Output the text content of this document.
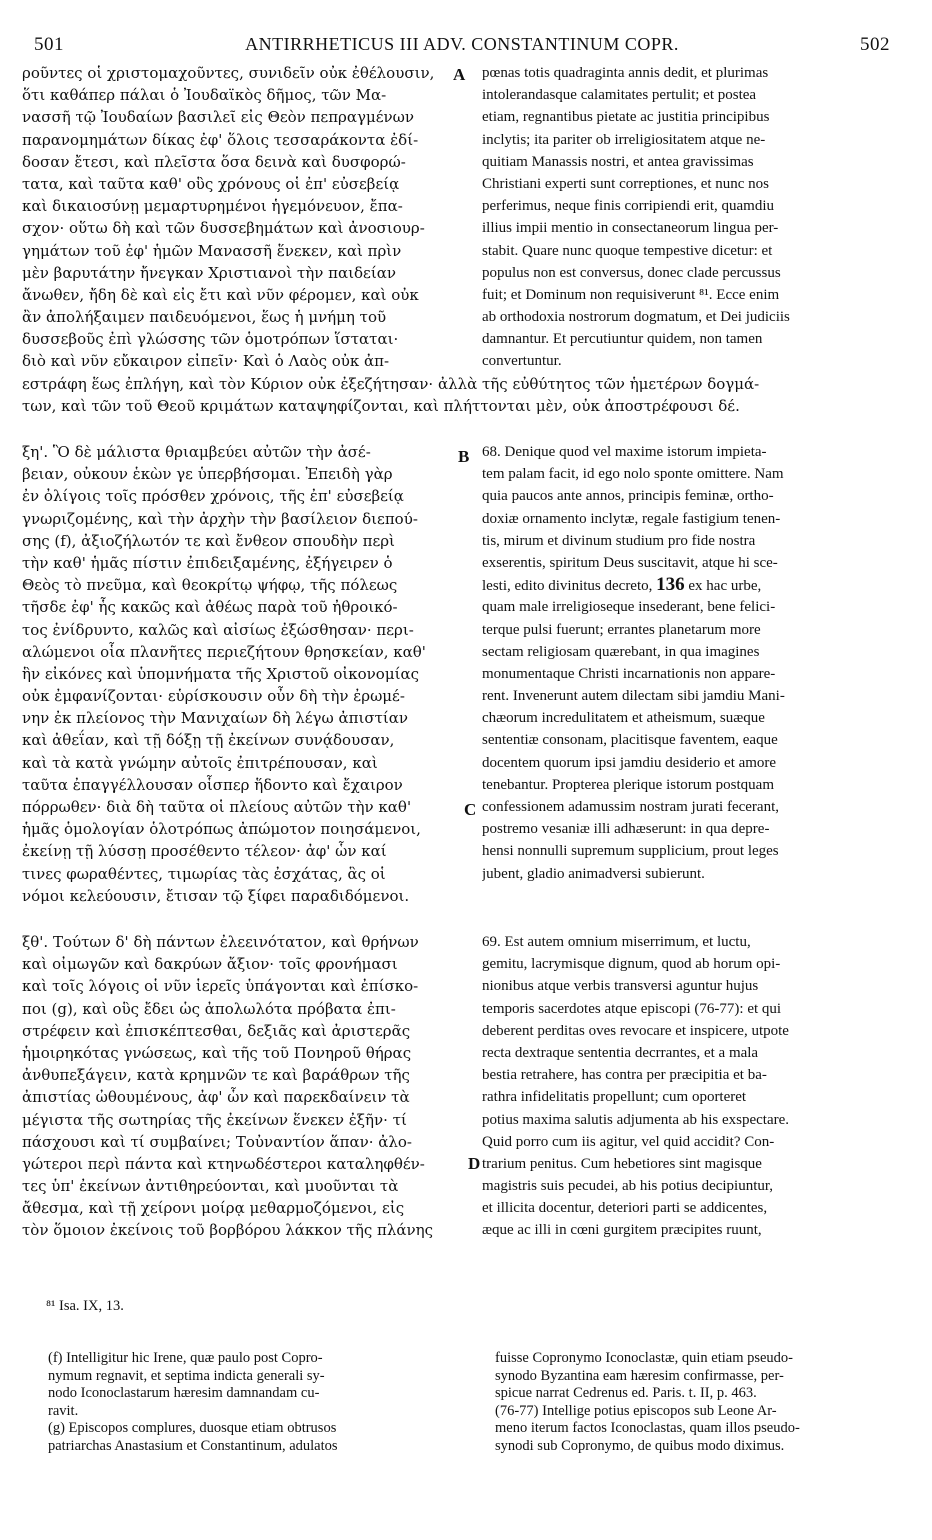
501	ANTIRRHETICUS III ADV. CONSTANTINUM COPR.	502
ροῦντες οἱ χριστομαχοῦντες, συνιδεῖν οὐκ ἐθέλουσιν,
ὅτι καθάπερ πάλαι ὁ Ἰουδαϊκὸς δῆμος, τῶν Μα-
νασσῆ τῷ Ἰουδαίων βασιλεῖ εἰς Θεὸν πεπραγμένων
παρανομημάτων δίκας ἐφ' ὅλοις τεσσαράκοντα ἐδί-
δοσαν ἔτεσι, καὶ πλεῖστα ὅσα δεινὰ καὶ δυσφορώ-
τατα, καὶ ταῦτα καθ' οὓς χρόνους οἱ ἐπ' εὐσεβείᾳ
καὶ δικαιοσύνῃ μεμαρτυρημένοι ἡγεμόνευον, ἔπα-
σχον· οὕτω δὴ καὶ τῶν δυσσεβημάτων καὶ ἀνοσιουρ-
γημάτων τοῦ ἐφ' ἡμῶν Μανασσῆ ἕνεκεν, καὶ πρὶν
μὲν βαρυτάτην ἤνεγκαν Χριστιανοὶ τὴν παιδείαν
ἄνωθεν, ἤδη δὲ καὶ εἰς ἔτι καὶ νῦν φέρομεν, καὶ οὐκ
ἂν ἀπολήξαιμεν παιδευόμενοι, ἕως ἡ μνήμη τοῦ
δυσσεβοῦς ἐπὶ γλώσσης τῶν ὁμοτρόπων ἵσταται·
διὸ καὶ νῦν εὔκαιρον εἰπεῖν· Καὶ ὁ Λαὸς οὐκ ἀπ-
A pœnas totis quadraginta annis dedit, et plurimas
intolerandasque calamitates pertulit; et postea
etiam, regnantibus pietate ac justitia principibus
inclytis; ita pariter ob irreligiositatem atque ne-
quitiam Manassis nostri, et antea gravissimas
Christiani experti sunt correptiones, et nunc nos
perferimus, neque finis corripiendi erit, quamdiu
illius impii mentio in consectaneorum lingua per-
stabit. Quare nunc quoque tempestive dicetur: et
populus non est conversus, donec clade percussus
fuit; et Dominum non requisiverunt ⁸¹. Ecce enim
ab orthodoxia nostrorum dogmatum, et Dei judiciis
damnantur. Et percutiuntur quidem, non tamen
convertuntur.
εστράφη ἕως ἐπλήγη, καὶ τὸν Κύριον οὐκ ἐξεζήτησαν· ἀλλὰ τῆς εὐθύτητος τῶν ἡμετέρων δογμά-
των, καὶ τῶν τοῦ Θεοῦ κριμάτων καταψηφίζονται, καὶ πλήττονται μὲν, οὐκ ἀποστρέφουσι δέ.
ξη'. Ὃ δὲ μάλιστα θριαμβεύει αὐτῶν τὴν ἀσέ-
βειαν, οὐκουν ἑκὼν γε ὑπερβήσομαι. Ἐπειδὴ γὰρ
ἐν ὀλίγοις τοῖς πρόσθεν χρόνοις, τῆς ἐπ' εὐσεβείᾳ
γνωριζομένης, καὶ τὴν ἀρχὴν τὴν βασίλειον διεπού-
σης (f), ἀξιοζήλωτόν τε καὶ ἔνθεον σπουδὴν περὶ
τὴν καθ' ἡμᾶς πίστιν ἐπιδειξαμένης, ἐξήγειρεν ὁ
Θεὸς τὸ πνεῦμα, καὶ θεοκρίτῳ ψήφῳ, τῆς πόλεως
τῆσδε ἐφ' ἧς κακῶς καὶ ἀθέως παρὰ τοῦ ἠθροικό-
τος ἐνίδρυντο, καλῶς καὶ αἰσίως ἐξώσθησαν· περι-
αλώμενοι οἷα πλανῆτες περιεζήτουν θρησκείαν, καθ'
ἣν εἰκόνες καὶ ὑπομνήματα τῆς Χριστοῦ οἰκονομίας
οὐκ ἐμφανίζονται· εὑρίσκουσιν οὖν δὴ τὴν ἐρωμέ-
νην ἐκ πλείονος τὴν Μανιχαίων δὴ λέγω ἀπιστίαν
καὶ ἀθεΐαν, καὶ τῇ δόξῃ τῇ ἐκείνων συνᾴδουσαν,
καὶ τὰ κατὰ γνώμην αὐτοῖς ἐπιτρέπουσαν, καὶ
ταῦτα ἐπαγγέλλουσαν οἷσπερ ἥδοντο καὶ ἔχαιρον
πόρρωθεν· διὰ δὴ ταῦτα οἱ πλείους αὐτῶν τὴν καθ'
ἡμᾶς ὁμολογίαν ὁλοτρόπως ἀπώμοτον ποιησάμενοι,
ἐκείνῃ τῇ λύσσῃ προσέθεντο τέλεον· ἀφ' ὧν καί
τινες φωραθέντες, τιμωρίας τὰς ἐσχάτας, ἃς οἱ
νόμοι κελεύουσιν, ἔτισαν τῷ ξίφει παραδιδόμενοι.
B
C
68. Denique quod vel maxime istorum impieta-
tem palam facit, id ego nolo sponte omittere. Nam
quia paucos ante annos, principis feminæ, ortho-
doxiæ ornamento inclytæ, regale fastigium tenen-
tis, mirum et divinum studium pro fide nostra
exserentis, spiritum Deus suscitavit, atque hi sce-
lesti, edito divinitus decreto, 136 ex hac urbe,
quam male irreligioseque insederant, bene felici-
terque pulsi fuerunt; errantes planetarum more
sectam religiosam quærebant, in qua imagines
monumentaque Christi incarnationis non appare-
rent. Invenerunt autem dilectam sibi jamdiu Mani-
chæorum incredulitatem et atheismum, suæque
sententiæ consonam, placitisque faventem, eaque
docentem quorum ipsi jamdiu desiderio et amore
tenebantur. Propterea plerique istorum postquam
confessionem adamussim nostram jurati fecerant,
postremo vesaniæ illi adhæserunt: in qua depre-
hensi nonnulli supremum supplicium, prout leges
jubent, gladio animadversi subierunt.
ξθ'. Τούτων δ' δὴ πάντων ἐλεεινότατον, καὶ θρήνων
καὶ οἰμωγῶν καὶ δακρύων ἄξιον· τοῖς φρονήμασι
καὶ τοῖς λόγοις οἱ νῦν ἱερεῖς ὑπάγονται καὶ ἐπίσκο-
ποι (g), καὶ οὓς ἔδει ὡς ἀπολωλότα πρόβατα ἐπι-
στρέφειν καὶ ἐπισκέπτεσθαι, δεξιᾶς καὶ ἀριστερᾶς
ἡμοιρηκότας γνώσεως, καὶ τῆς τοῦ Πονηροῦ θήρας
ἀνθυπεξάγειν, κατὰ κρημνῶν τε καὶ βαράθρων τῆς
ἀπιστίας ὠθουμένους, ἀφ' ὧν καὶ παρεκδαίνειν τὰ
μέγιστα τῆς σωτηρίας τῆς ἐκείνων ἕνεκεν ἐξῆν· τί
πάσχουσι καὶ τί συμβαίνει; Τοὐναντίον ἅπαν· ἀλο-
γώτεροι περὶ πάντα καὶ κτηνωδέστεροι καταληφθέν-
τες ὑπ' ἐκείνων ἀντιθηρεύονται, καὶ μυοῦνται τὰ
ἄθεσμα, καὶ τῇ χείρονι μοίρᾳ μεθαρμοζόμενοι, εἰς
τὸν ὅμοιον ἐκείνοις τοῦ βορβόρου λάκκον τῆς πλάνης
D
69. Est autem omnium miserrimum, et luctu,
gemitu, lacrymisque dignum, quod ab horum opi-
nionibus atque verbis transversi aguntur hujus
temporis sacerdotes atque episcopi (76-77): et qui
deberent perditas oves revocare et inspicere, utpote
recta dextraque sententia decrrantes, et a mala
bestia retrahere, has contra per præcipitia et ba-
rathra infidelitatis propellunt; cum oporteret
potius maxima salutis adjumenta ab his exspectare.
Quid porro cum iis agitur, vel quid accidit? Con-
trarium penitus. Cum hebetiores sint magisque
magistris suis pecudei, ab his potius decipiuntur,
et illicita docentur, deteriori parti se addicentes,
æque ac illi in cœni gurgitem præcipites ruunt,
⁸¹ Isa. IX, 13.
(f) Intelligitur hic Irene, quæ paulo post Copro-
nymum regnavit, et septima indicta generali sy-
nodo Iconoclastarum hæresim damnandam cu-
ravit.
(g) Episcopos complures, duosque etiam obtrusos
patriarchas Anastasium et Constantinum, adulatos
fuisse Copronymo Iconoclastæ, quin etiam pseudo-
synodo Byzantina eam hæresim confirmasse, per-
spicue narrat Cedrenus ed. Paris. t. II, p. 463.
(76-77) Intellige potius episcopos sub Leone Ar-
meno iterum factos Iconoclastas, quam illos pseudo-
synodi sub Copronymo, de quibus modo diximus.
